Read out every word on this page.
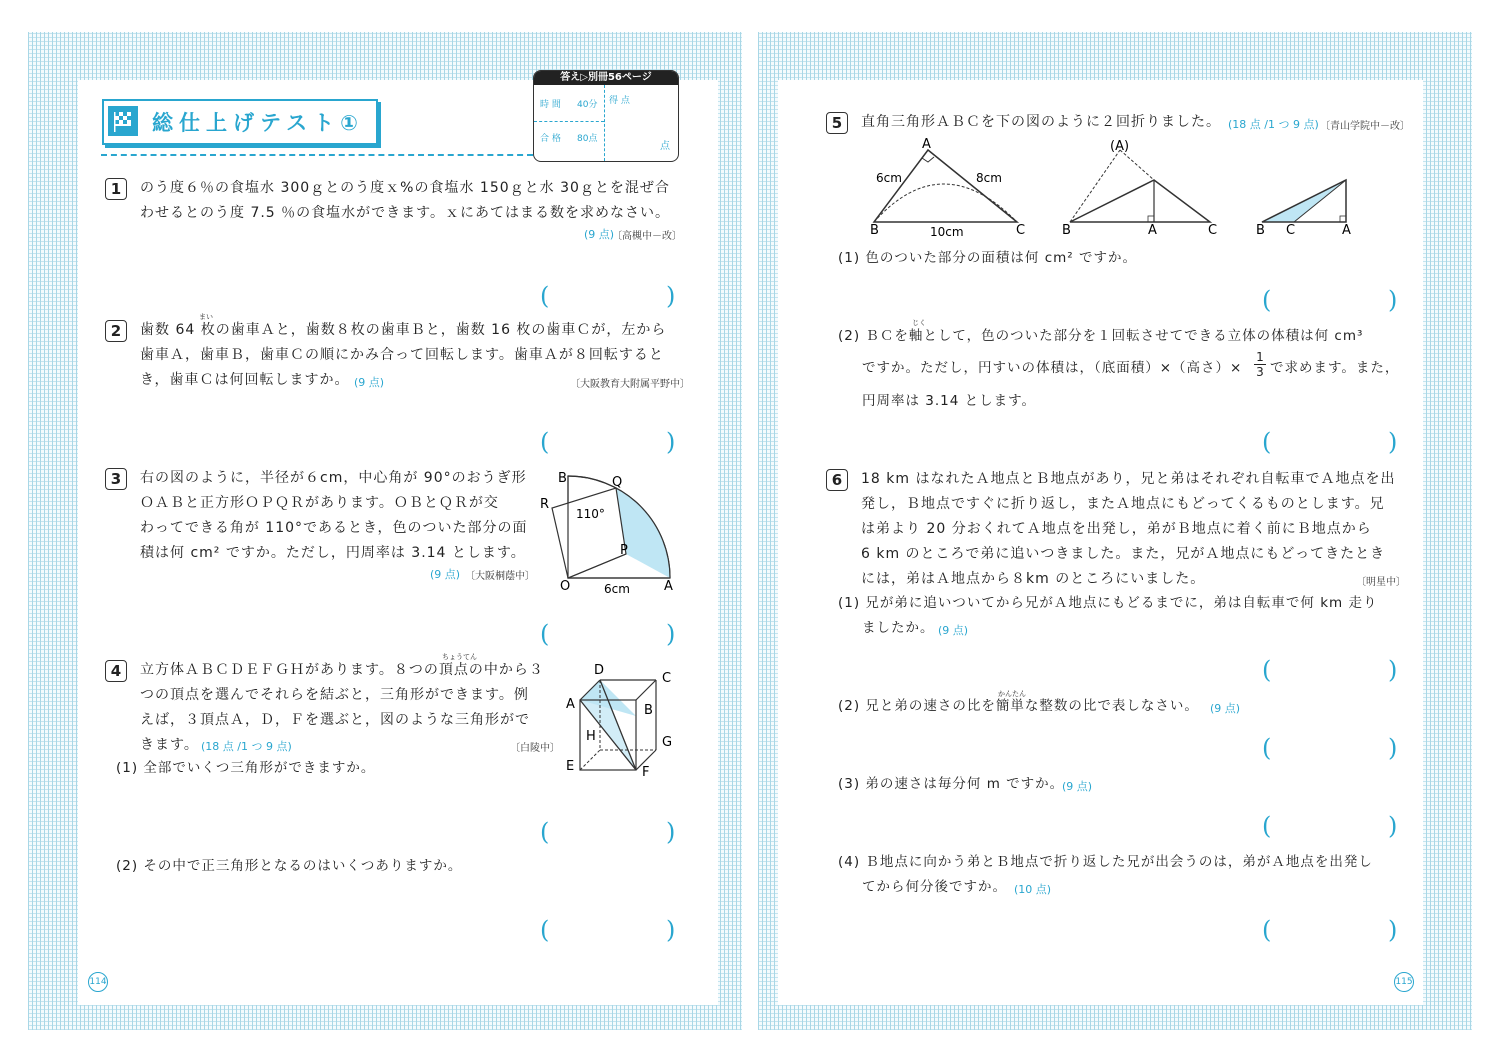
総仕上げテスト①
答え▷別冊56ページ
時 間 40分
合 格 80点
得 点
点
1	のう度６％の食塩水 300ｇとのう度ｘ%の食塩水 150ｇと水 30ｇとを混ぜ合
わせるとのう度 7.5 ％の食塩水ができます。ｘにあてはまる数を求めなさい。
(9 点)
〔高槻中－改〕
(	)
2
まい
歯数 64 枚の歯車Ａと，歯数８枚の歯車Ｂと，歯数 16 枚の歯車Ｃが，左から
歯車Ａ，歯車Ｂ，歯車Ｃの順にかみ合って回転します。歯車Ａが８回転すると
き，歯車Ｃは何回転しますか。 (9 点)	〔大阪教育大附属平野中〕
(	)
3	右の図のように，半径が６cm，中心角が 90°のおうぎ形
ＯＡＢと正方形ＯＰＱＲがあります。ＯＢとＱＲが交
わってできる角が 110°であるとき，色のついた部分の面
積は何 cm² ですか。ただし，円周率は 3.14 とします。
(9 点) 〔大阪桐蔭中〕
B	Q
R
P
O	A
110°
6cm
(	)
4
ちょうてん
立方体ＡＢＣＤＥＦＧＨがあります。８つの頂点の中から３
つの頂点を選んでそれらを結ぶと，三角形ができます。例
えば，３頂点Ａ，Ｄ，Ｆを選ぶと，図のような三角形がで
きます。 (18 点 /1 つ 9 点)	〔白陵中〕
(1) 全部でいくつ三角形ができますか。
A	B
C
D
E	F
G
H
(	)
(2) その中で正三角形となるのはいくつありますか。
(	)
114
5	直角三角形ＡＢＣを下の図のように２回折りました。 (18 点 /1 つ 9 点) 〔青山学院中－改〕
B
A
C
6cm	8cm
10cm
(A)
B	A	C	B C	A
(1) 色のついた部分の面積は何 cm² ですか。
(	)
じく
(2) ＢＣを軸として，色のついた部分を１回転させてできる立体の体積は何 cm³
ですか。ただし，円すいの体積は，（底面積）×（高さ）× $\frac{1}{3}$ で求めます。また，
円周率は 3.14 とします。
(	)
6	18 km はなれたＡ地点とＢ地点があり，兄と弟はそれぞれ自転車でＡ地点を出
発し，Ｂ地点ですぐに折り返し，またＡ地点にもどってくるものとします。兄
は弟より 20 分おくれてＡ地点を出発し，弟がＢ地点に着く前にＢ地点から
6 km のところで弟に追いつきました。また，兄がＡ地点にもどってきたとき
には，弟はＡ地点から８km のところにいました。	〔明星中〕
(1) 兄が弟に追いついてから兄がＡ地点にもどるまでに，弟は自転車で何 km 走り
ましたか。 (9 点)
(	)
かんたん
(2) 兄と弟の速さの比を簡単な整数の比で表しなさい。 (9 点)
(	)
(3) 弟の速さは毎分何 m ですか。
(9 点)
(	)
(4) Ｂ地点に向かう弟とＢ地点で折り返した兄が出会うのは，弟がＡ地点を出発し
てから何分後ですか。 (10 点)
(	)
115
